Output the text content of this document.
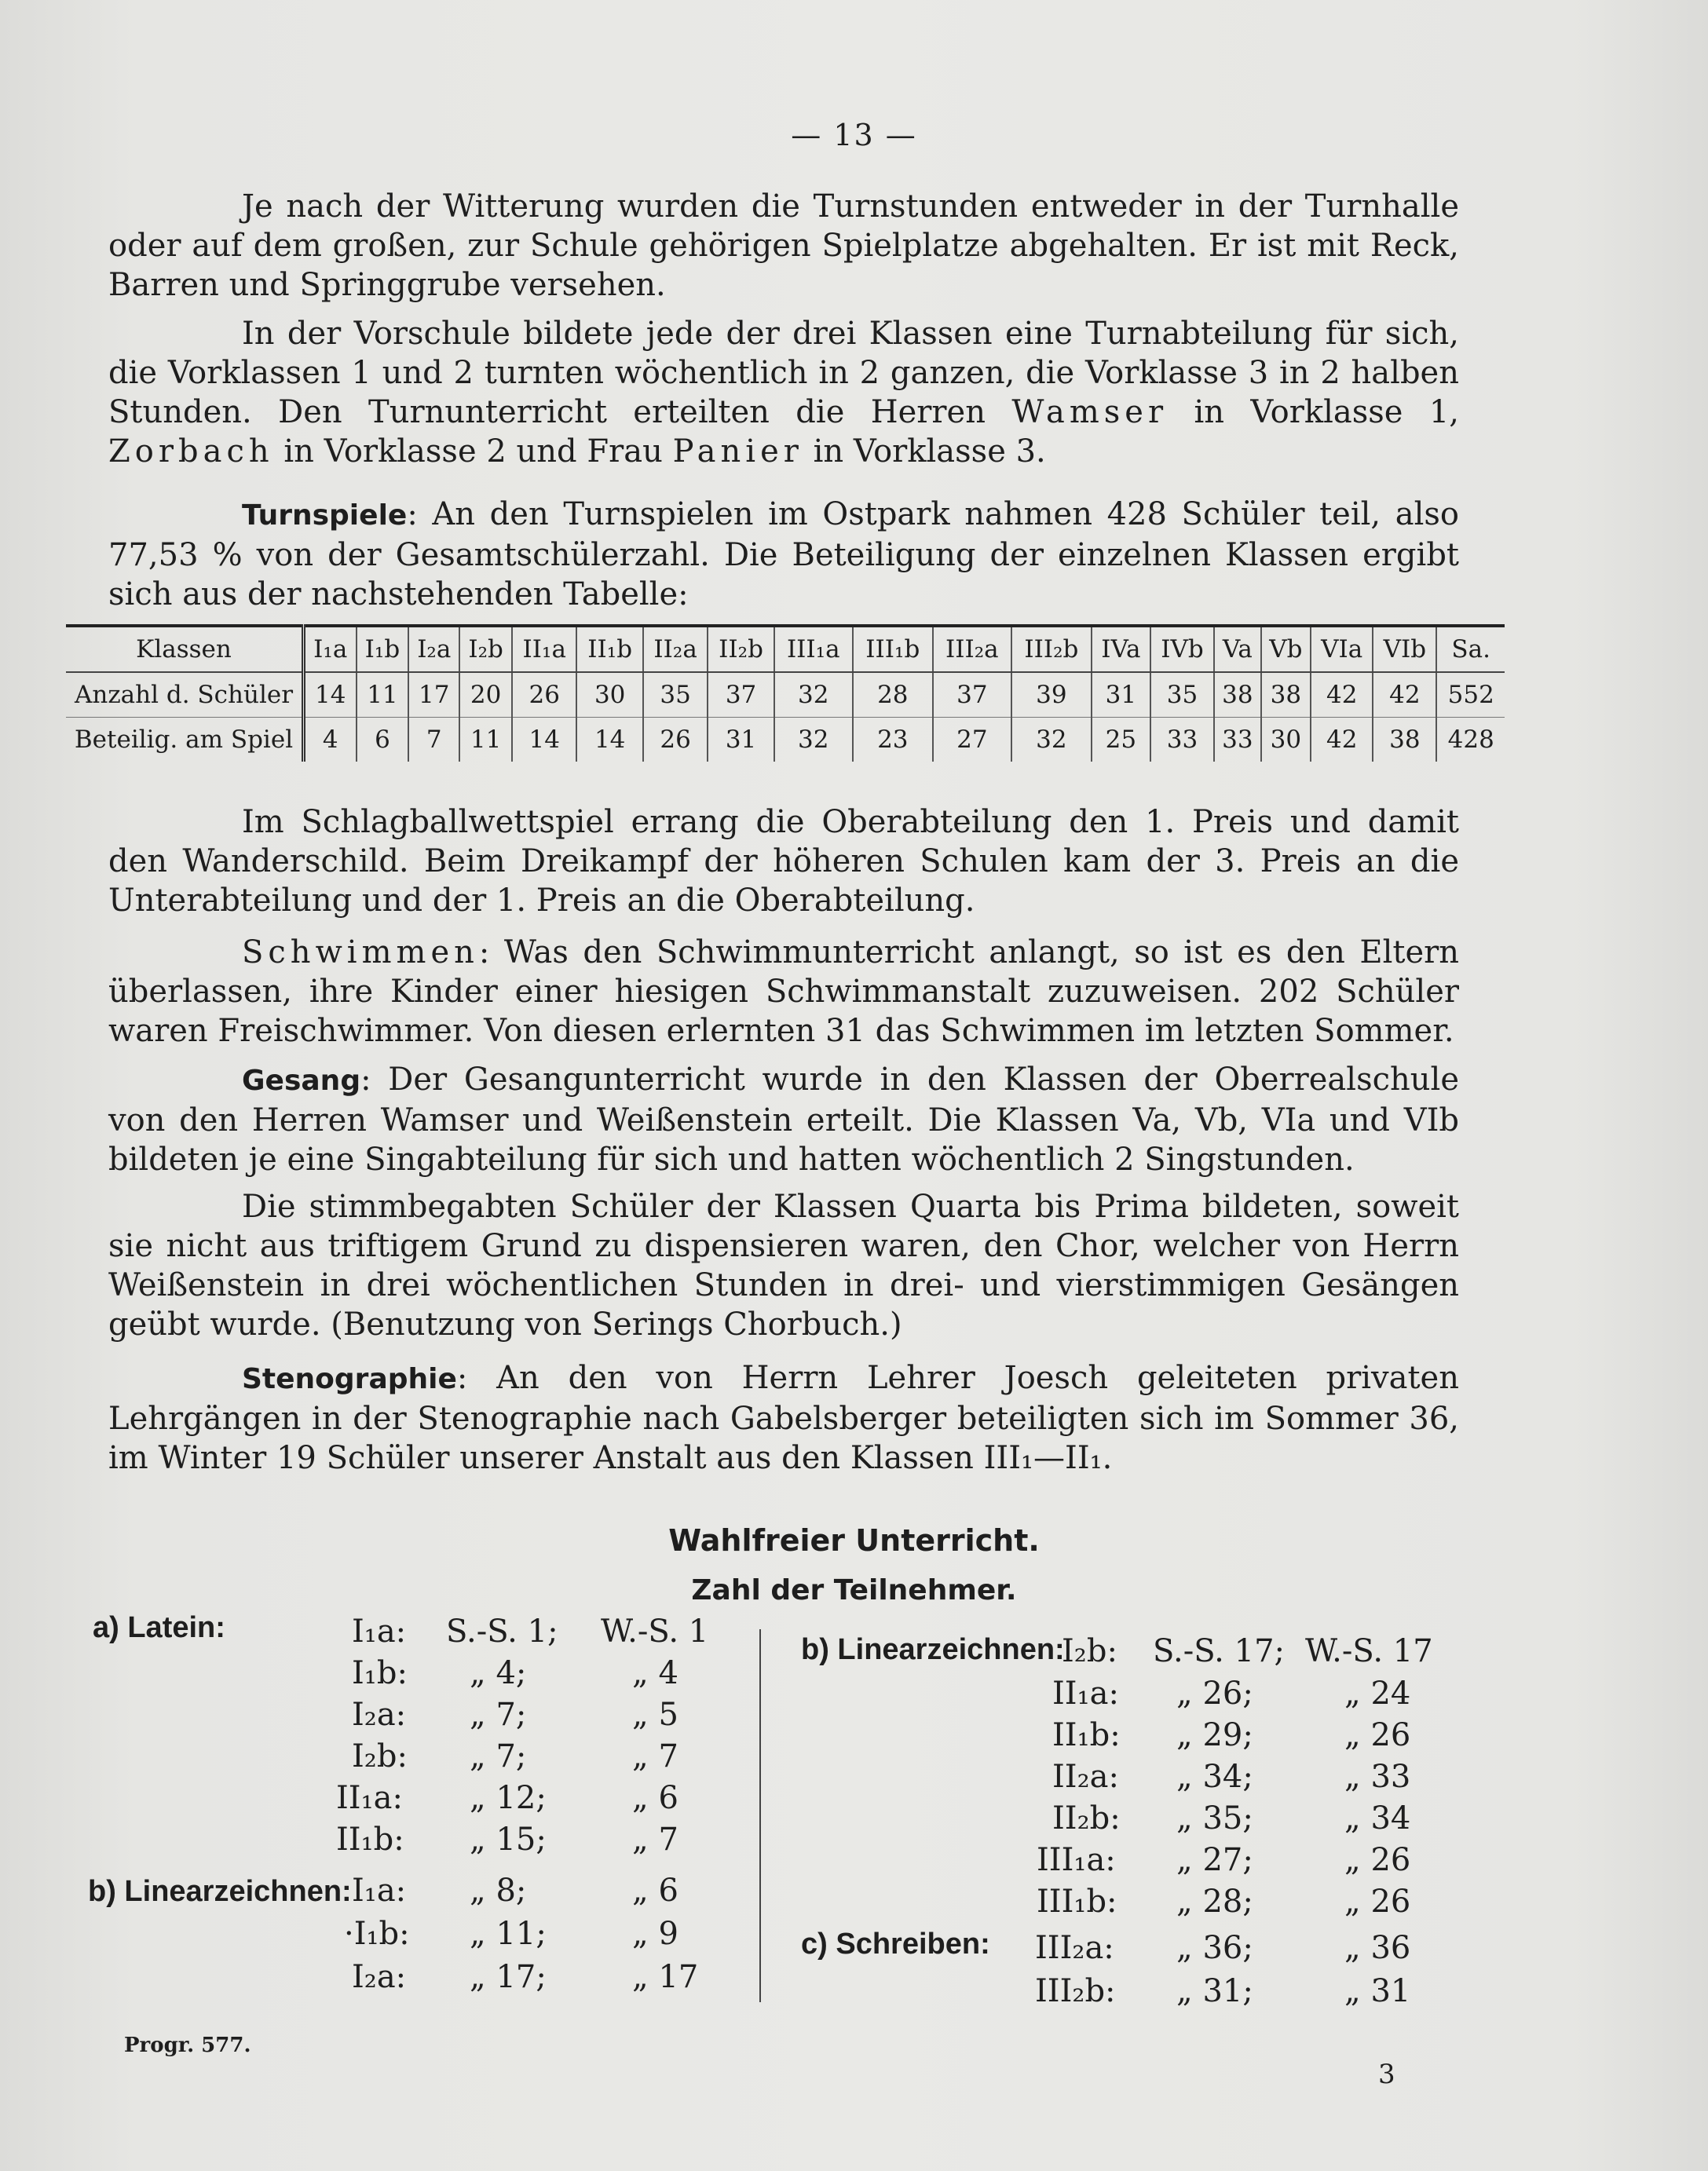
— 13 —

Je nach der Witterung wurden die Turnstunden entweder in der Turnhalle oder auf dem großen, zur Schule gehörigen Spielplatze abgehalten. Er ist mit Reck, Barren und Springgrube versehen.

In der Vorschule bildete jede der drei Klassen eine Turnabteilung für sich, die Vorklassen 1 und 2 turnten wöchentlich in 2 ganzen, die Vorklasse 3 in 2 halben Stunden. Den Turnunterricht erteilten die Herren Wamser in Vorklasse 1, Zorbach in Vorklasse 2 und Frau Panier in Vorklasse 3.

Turnspiele: An den Turnspielen im Ostpark nahmen 428 Schüler teil, also 77,53 % von der Gesamtschülerzahl. Die Beteiligung der einzelnen Klassen ergibt sich aus der nachstehenden Tabelle:

Klassen	I₁a	I₁b	I₂a	I₂b	II₁a	II₁b	II₂a	II₂b	III₁a	III₁b	III₂a	III₂b	IVa	IVb	Va	Vb	VIa	VIb	Sa.
Anzahl d. Schüler	14	11	17	20	26	30	35	37	32	28	37	39	31	35	38	38	42	42	552
Beteilig. am Spiel	4	6	7	11	14	14	26	31	32	23	27	32	25	33	33	30	42	38	428

Im Schlagballwettspiel errang die Oberabteilung den 1. Preis und damit den Wanderschild. Beim Dreikampf der höheren Schulen kam der 3. Preis an die Unterabteilung und der 1. Preis an die Oberabteilung.

Schwimmen: Was den Schwimmunterricht anlangt, so ist es den Eltern überlassen, ihre Kinder einer hiesigen Schwimmanstalt zuzuweisen. 202 Schüler waren Freischwimmer. Von diesen erlernten 31 das Schwimmen im letzten Sommer.

Gesang: Der Gesangunterricht wurde in den Klassen der Oberrealschule von den Herren Wamser und Weißenstein erteilt. Die Klassen Va, Vb, VIa und VIb bildeten je eine Singabteilung für sich und hatten wöchentlich 2 Singstunden.

Die stimmbegabten Schüler der Klassen Quarta bis Prima bildeten, soweit sie nicht aus triftigem Grund zu dispensieren waren, den Chor, welcher von Herrn Weißenstein in drei wöchentlichen Stunden in drei- und vierstimmigen Gesängen geübt wurde. (Benutzung von Serings Chorbuch.)

Stenographie: An den von Herrn Lehrer Joesch geleiteten privaten Lehrgängen in der Stenographie nach Gabelsberger beteiligten sich im Sommer 36, im Winter 19 Schüler unserer Anstalt aus den Klassen III₁—II₁.

Wahlfreier Unterricht.
Zahl der Teilnehmer.
a) Latein:
b) Linearzeichnen:
I₁a: S.-S. 1; W.-S. 1
I₁b: „ 4;	„ 4
I₂a: „ 7;	„ 5
I₂b: „ 7;	„ 7
II₁a: „ 12;	„ 6
II₁b: „ 15;	„ 7
I₁a: „ 8;	„ 6
·I₁b: „ 11;	„ 9
I₂a: „ 17;	„ 17
b) Linearzeichnen:
c) Schreiben:
I₂b: S.-S. 17; W.-S. 17
II₁a: „ 26;	„ 24
II₁b: „ 29;	„ 26
II₂a: „ 34;	„ 33
II₂b: „ 35;	„ 34
III₁a: „ 27;	„ 26
III₁b: „ 28;	„ 26
III₂a: „ 36;	„ 36
III₂b: „ 31;	„ 31
Progr. 577.
3
